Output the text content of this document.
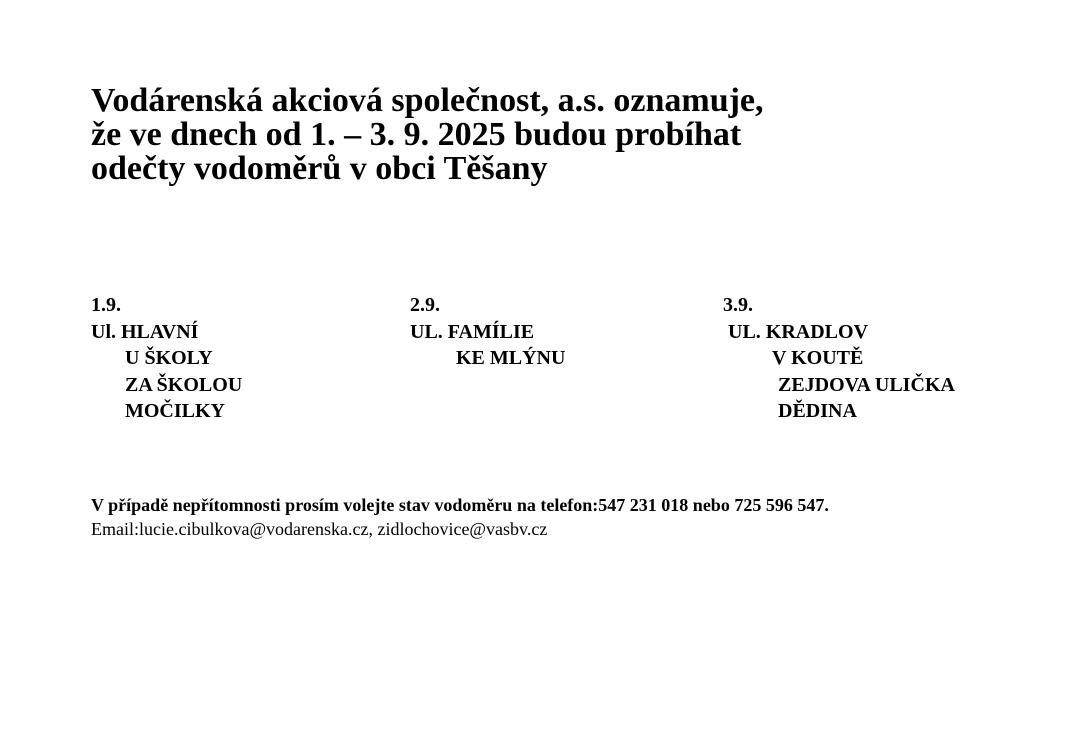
Vodárenská akciová společnost, a.s. oznamuje,
že ve dnech od 1. – 3. 9. 2025 budou probíhat
odečty vodoměrů v obci Těšany
1.9.
Ul. HLAVNÍ
U ŠKOLY
ZA ŠKOLOU
MOČILKY
2.9.
UL. FAMÍLIE
KE MLÝNU
3.9.
UL. KRADLOV
V KOUTĚ
ZEJDOVA ULIČKA
DĚDINA
V případě nepřítomnosti prosím volejte stav vodoměru na telefon:547 231 018 nebo 725 596 547.
Email:lucie.cibulkova@vodarenska.cz, zidlochovice@vasbv.cz
